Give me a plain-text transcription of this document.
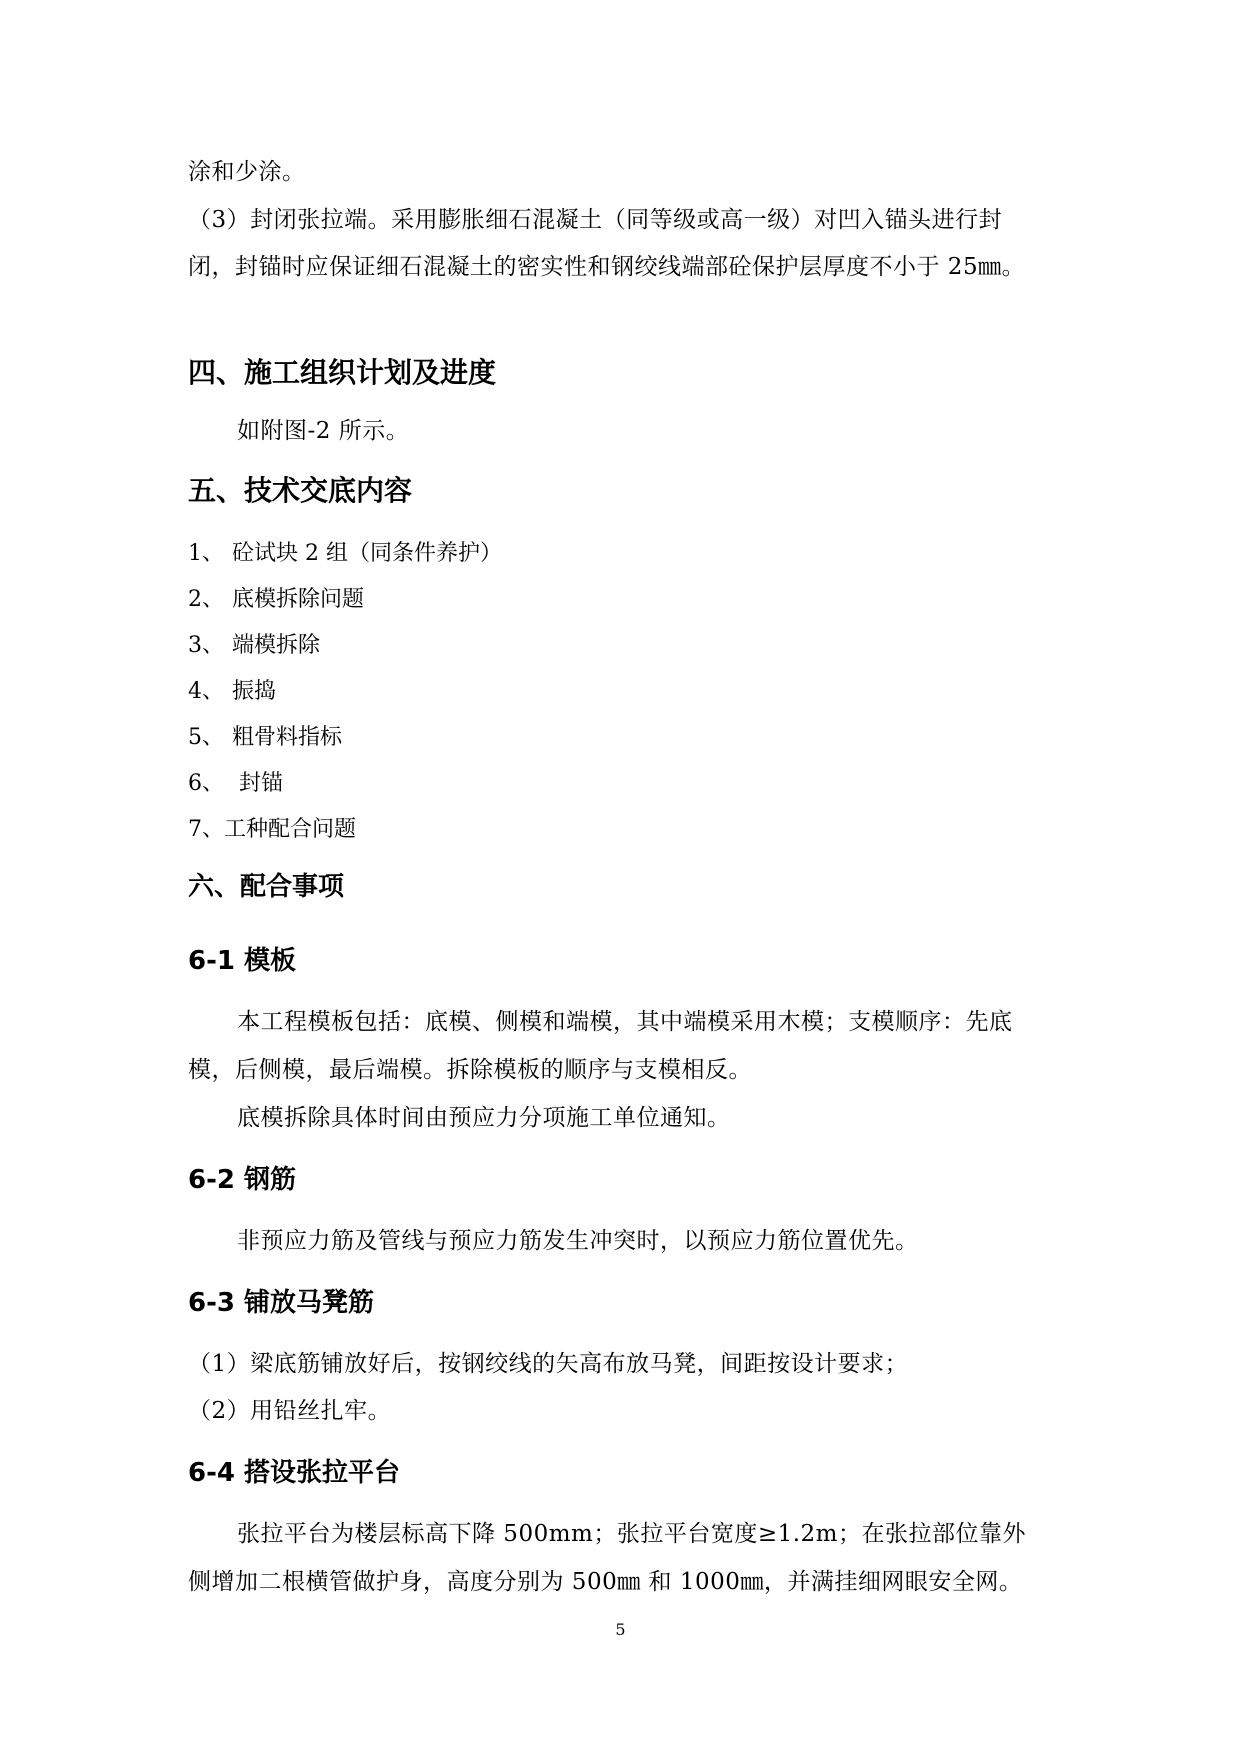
涂和少涂。
（3）封闭张拉端。采用膨胀细石混凝土（同等级或高一级）对凹入锚头进行封
闭，封锚时应保证细石混凝土的密实性和钢绞线端部砼保护层厚度不小于 25㎜。
四、施工组织计划及进度
如附图-2 所示。
五、技术交底内容
1、 砼试块 2 组（同条件养护）
2、 底模拆除问题
3、 端模拆除
4、 振捣
5、 粗骨料指标
6、 封锚
7、工种配合问题
六、配合事项
6-1 模板
本工程模板包括：底模、侧模和端模，其中端模采用木模；支模顺序：先底
模，后侧模，最后端模。拆除模板的顺序与支模相反。
底模拆除具体时间由预应力分项施工单位通知。
6-2 钢筋
非预应力筋及管线与预应力筋发生冲突时，以预应力筋位置优先。
6-3 铺放马凳筋
（1）梁底筋铺放好后，按钢绞线的矢高布放马凳，间距按设计要求；
（2）用铅丝扎牢。
6-4 搭设张拉平台
张拉平台为楼层标高下降 500mm；张拉平台宽度≥1.2m；在张拉部位靠外
侧增加二根横管做护身，高度分别为 500㎜ 和 1000㎜，并满挂细网眼安全网。
5
